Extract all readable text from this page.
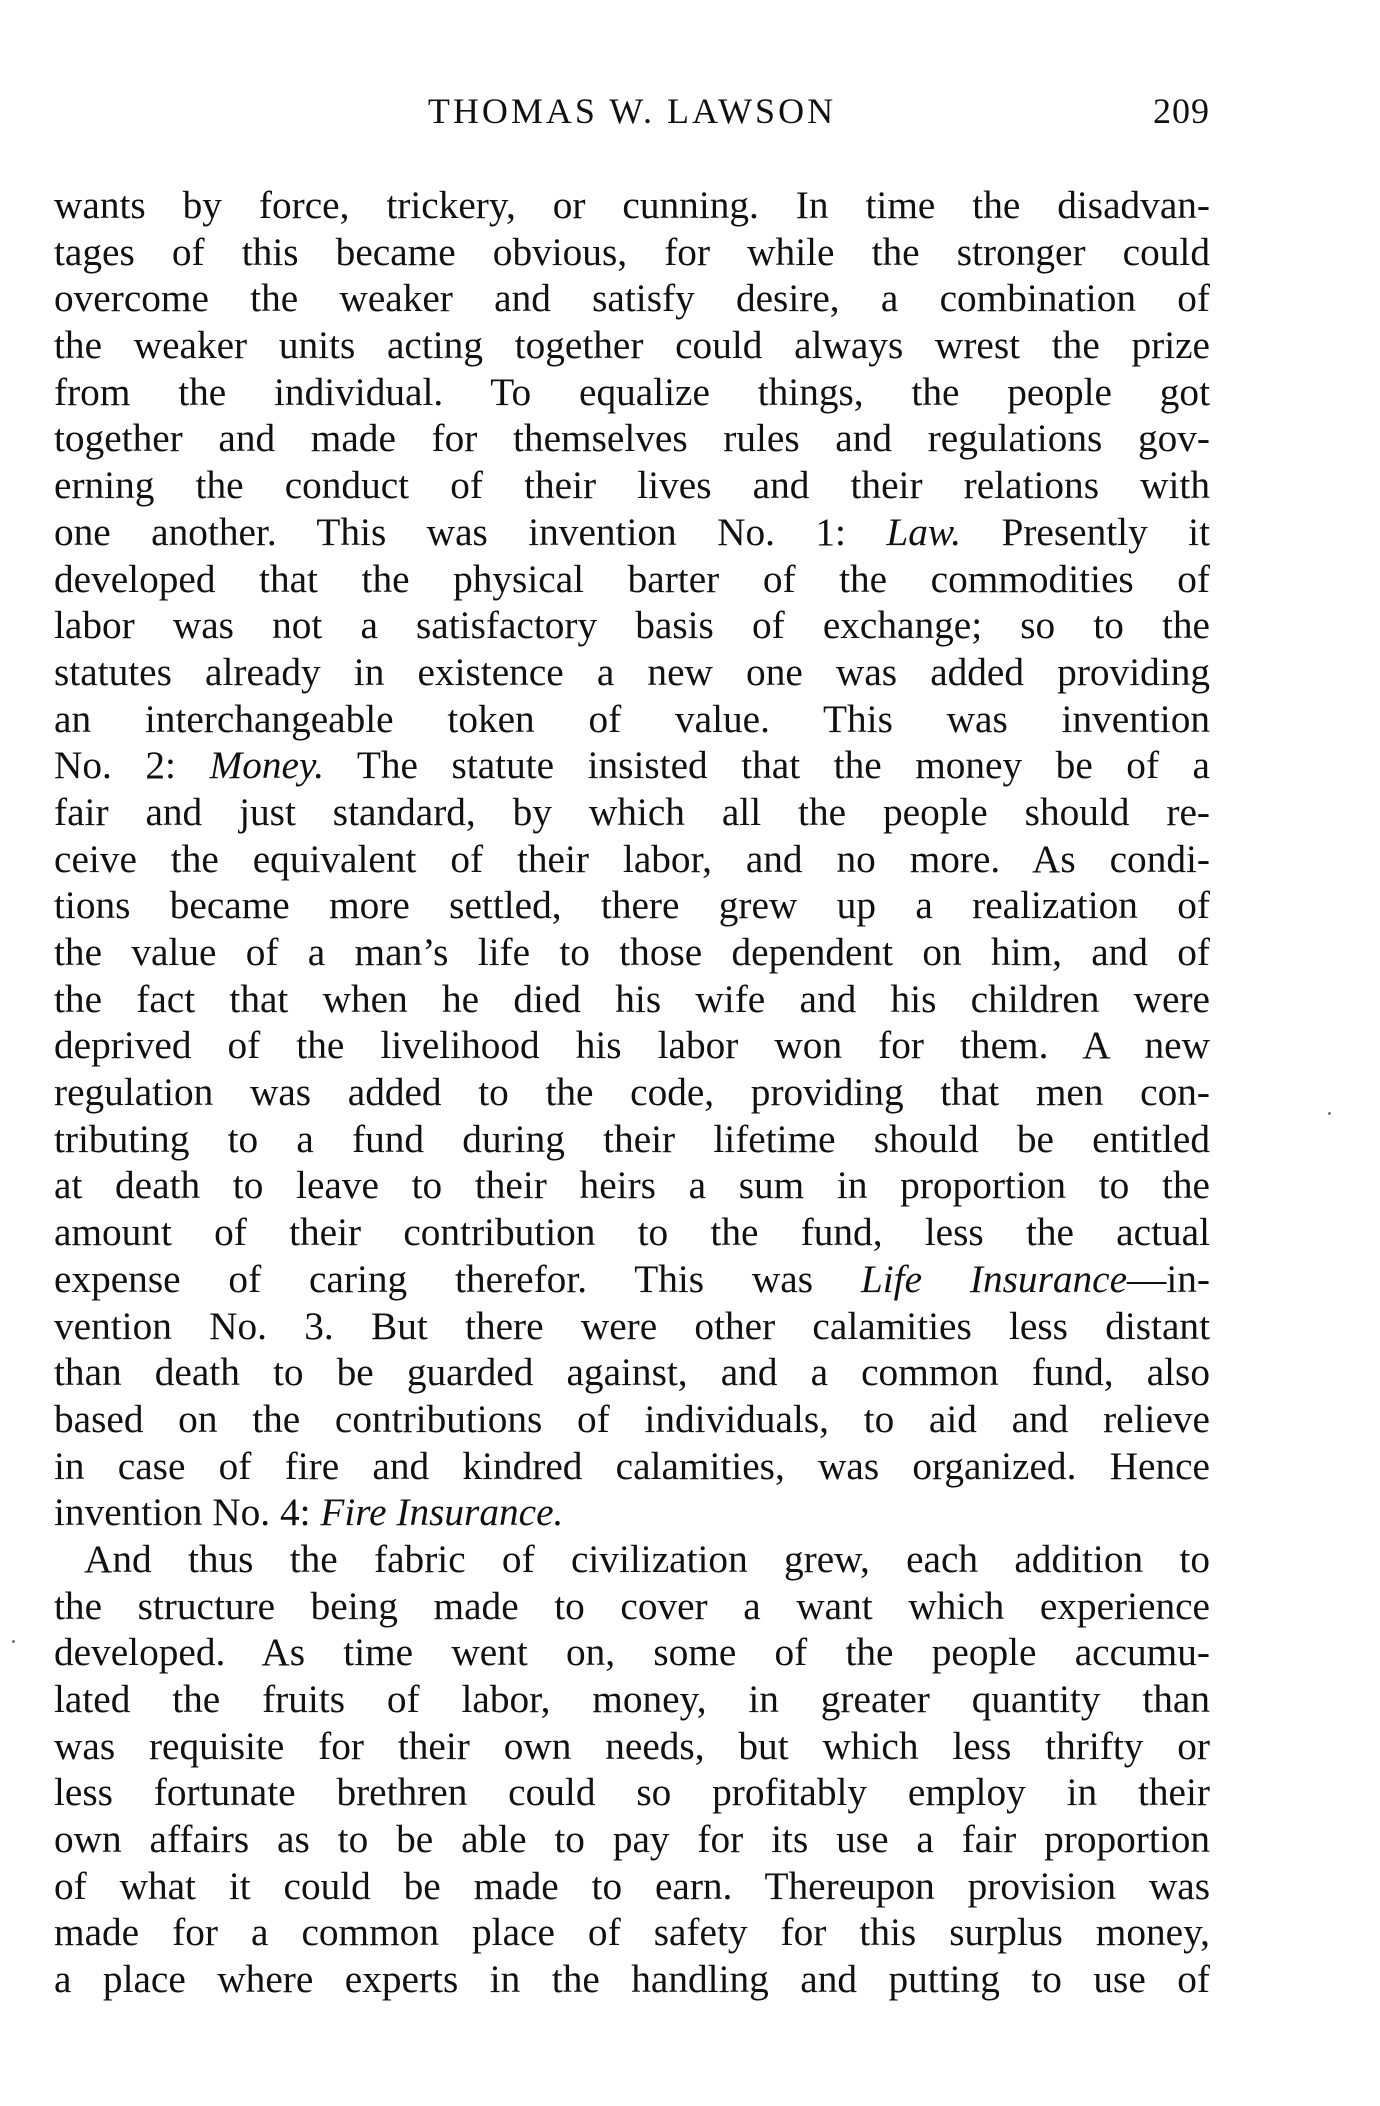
THOMAS W. LAWSON	209
wants by force, trickery, or cunning. In time the disadvan-
tages of this became obvious, for while the stronger could
overcome the weaker and satisfy desire, a combination of
the weaker units acting together could always wrest the prize
from the individual. To equalize things, the people got
together and made for themselves rules and regulations gov-
erning the conduct of their lives and their relations with
one another. This was invention No. 1: Law. Presently it
developed that the physical barter of the commodities of
labor was not a satisfactory basis of exchange; so to the
statutes already in existence a new one was added providing
an interchangeable token of value. This was invention
No. 2: Money. The statute insisted that the money be of a
fair and just standard, by which all the people should re-
ceive the equivalent of their labor, and no more. As condi-
tions became more settled, there grew up a realization of
the value of a man’s life to those dependent on him, and of
the fact that when he died his wife and his children were
deprived of the livelihood his labor won for them. A new
regulation was added to the code, providing that men con-
tributing to a fund during their lifetime should be entitled
at death to leave to their heirs a sum in proportion to the
amount of their contribution to the fund, less the actual
expense of caring therefor. This was Life Insurance—in-
vention No. 3. But there were other calamities less distant
than death to be guarded against, and a common fund, also
based on the contributions of individuals, to aid and relieve
in case of fire and kindred calamities, was organized. Hence
invention No. 4: Fire Insurance.
And thus the fabric of civilization grew, each addition to
the structure being made to cover a want which experience
developed. As time went on, some of the people accumu-
lated the fruits of labor, money, in greater quantity than
was requisite for their own needs, but which less thrifty or
less fortunate brethren could so profitably employ in their
own affairs as to be able to pay for its use a fair proportion
of what it could be made to earn. Thereupon provision was
made for a common place of safety for this surplus money,
a place where experts in the handling and putting to use of
